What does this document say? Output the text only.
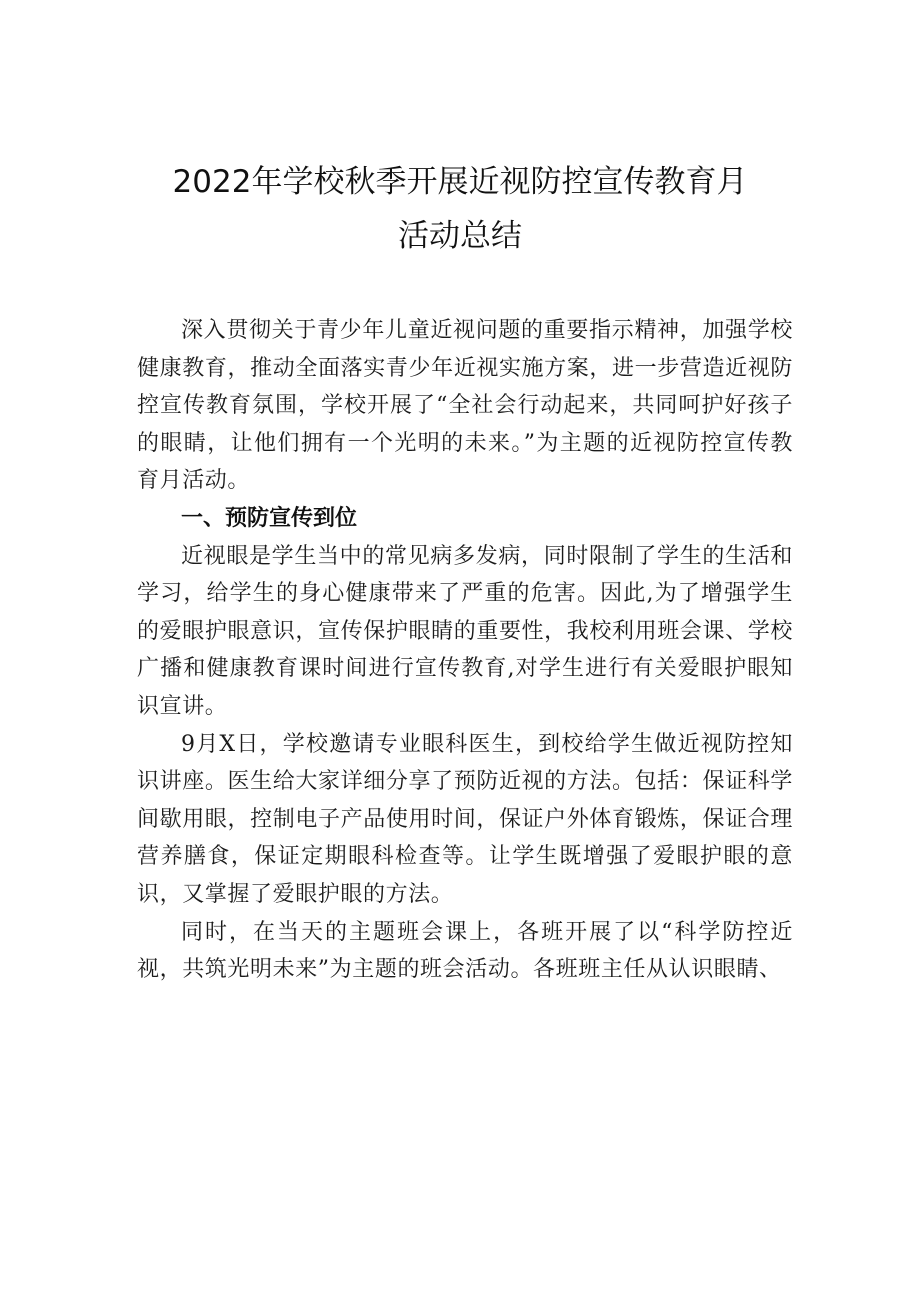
2022年学校秋季开展近视防控宣传教育月
活动总结

深入贯彻关于青少年儿童近视问题的重要指示精神，加强学校健康教育，推动全面落实青少年近视实施方案，进一步营造近视防控宣传教育氛围，学校开展了“全社会行动起来，共同呵护好孩子的眼睛，让他们拥有一个光明的未来。”为主题的近视防控宣传教育月活动。

一、预防宣传到位

近视眼是学生当中的常见病多发病，同时限制了学生的生活和学习，给学生的身心健康带来了严重的危害。因此,为了增强学生的爱眼护眼意识，宣传保护眼睛的重要性，我校利用班会课、学校广播和健康教育课时间进行宣传教育,对学生进行有关爱眼护眼知识宣讲。

9月X日，学校邀请专业眼科医生，到校给学生做近视防控知识讲座。医生给大家详细分享了预防近视的方法。包括：保证科学间歇用眼，控制电子产品使用时间，保证户外体育锻炼，保证合理营养膳食，保证定期眼科检查等。让学生既增强了爱眼护眼的意识，又掌握了爱眼护眼的方法。

同时，在当天的主题班会课上，各班开展了以“科学防控近视，共筑光明未来”为主题的班会活动。各班班主任从认识眼睛、
